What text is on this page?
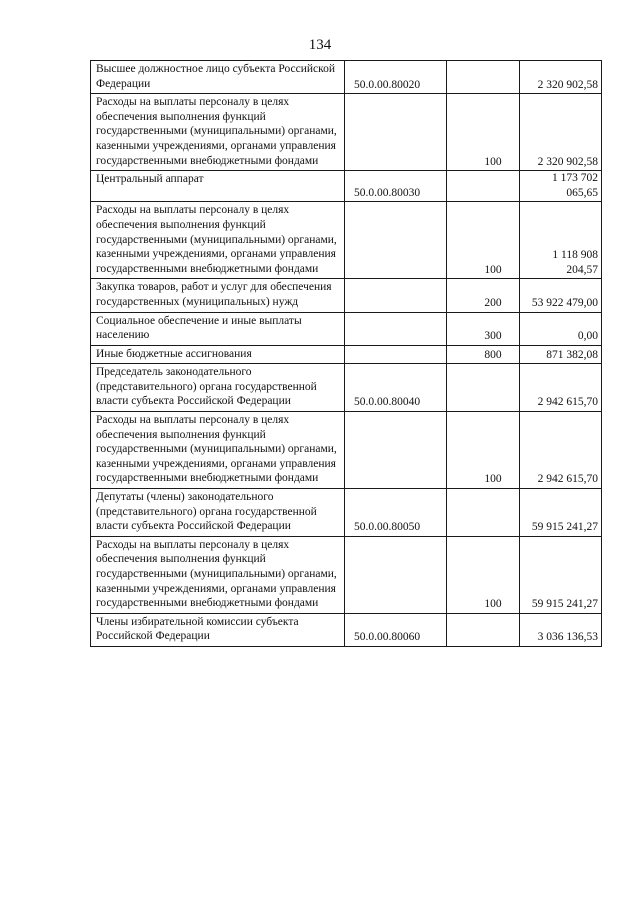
134
Высшее должностное лицо субъекта Российской Федерации	50.0.00.80020		2 320 902,58
Расходы на выплаты персоналу в целях обеспечения выполнения функций государственными (муниципальными) органами, казенными учреждениями, органами управления государственными внебюджетными фондами		100	2 320 902,58
Центральный аппарат	50.0.00.80030		1 173 702 065,65
Расходы на выплаты персоналу в целях обеспечения выполнения функций государственными (муниципальными) органами, казенными учреждениями, органами управления государственными внебюджетными фондами		100	1 118 908 204,57
Закупка товаров, работ и услуг для обеспечения государственных (муниципальных) нужд		200	53 922 479,00
Социальное обеспечение и иные выплаты населению		300	0,00
Иные бюджетные ассигнования		800	871 382,08
Председатель законодательного (представительного) органа государственной власти субъекта Российской Федерации	50.0.00.80040		2 942 615,70
Расходы на выплаты персоналу в целях обеспечения выполнения функций государственными (муниципальными) органами, казенными учреждениями, органами управления государственными внебюджетными фондами		100	2 942 615,70
Депутаты (члены) законодательного (представительного) органа государственной власти субъекта Российской Федерации	50.0.00.80050		59 915 241,27
Расходы на выплаты персоналу в целях обеспечения выполнения функций государственными (муниципальными) органами, казенными учреждениями, органами управления государственными внебюджетными фондами		100	59 915 241,27
Члены избирательной комиссии субъекта Российской Федерации	50.0.00.80060		3 036 136,53
